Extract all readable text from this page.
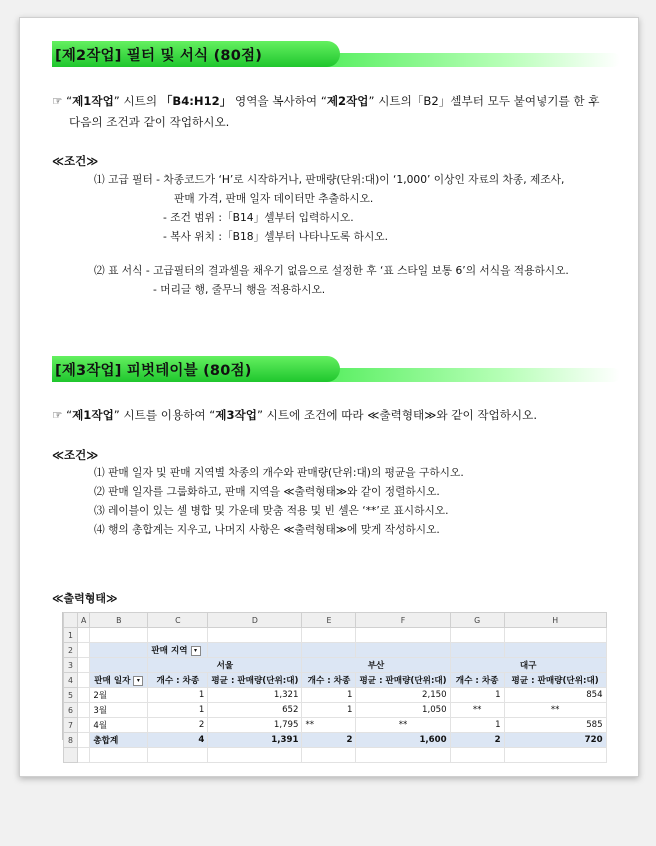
[제2작업] 필터 및 서식 (80점)
☞ “제1작업” 시트의 「B4:H12」 영역을 복사하여 “제2작업” 시트의「B2」셀부터 모두 붙여넣기를 한 후
다음의 조건과 같이 작업하시오.
≪조건≫
⑴ 고급 필터 - 차종코드가 ‘H’로 시작하거나, 판매량(단위:대)이 ‘1,000’ 이상인 자료의 차종, 제조사,
판매 가격, 판매 일자 데이터만 추출하시오.
- 조건 범위 :「B14」셀부터 입력하시오.
- 복사 위치 :「B18」셀부터 나타나도록 하시오.
⑵ 표 서식 - 고급필터의 결과셀을 채우기 없음으로 설정한 후 ‘표 스타일 보통 6’의 서식을 적용하시오.
- 머리글 행, 줄무늬 행을 적용하시오.
[제3작업] 피벗테이블 (80점)
☞ “제1작업” 시트를 이용하여 “제3작업” 시트에 조건에 따라 ≪출력형태≫와 같이 작업하시오.
≪조건≫
⑴ 판매 일자 및 판매 지역별 차종의 개수와 판매량(단위:대)의 평균을 구하시오.
⑵ 판매 일자를 그룹화하고, 판매 지역을 ≪출력형태≫와 같이 정렬하시오.
⑶ 레이블이 있는 셀 병합 및 가운데 맞춤 적용 및 빈 셀은 ‘**’로 표시하시오.
⑷ 행의 총합계는 지우고, 나머지 사항은 ≪출력형태≫에 맞게 작성하시오.
≪출력형태≫
	A	B	C	D	E	F	G	H
1								
2			판매 지역 ▾					
3			서울		부산		대구	
4		판매 일자 ▾	개수 : 차종	평균 : 판매량(단위:대)	개수 : 차종	평균 : 판매량(단위:대)	개수 : 차종	평균 : 판매량(단위:대)
5		2월	1	1,321	1	2,150	1	854
6		3월	1	652	1	1,050	**	**
7		4월	2	1,795	**	**	1	585
8		총합계	4	1,391	2	1,600	2	720
